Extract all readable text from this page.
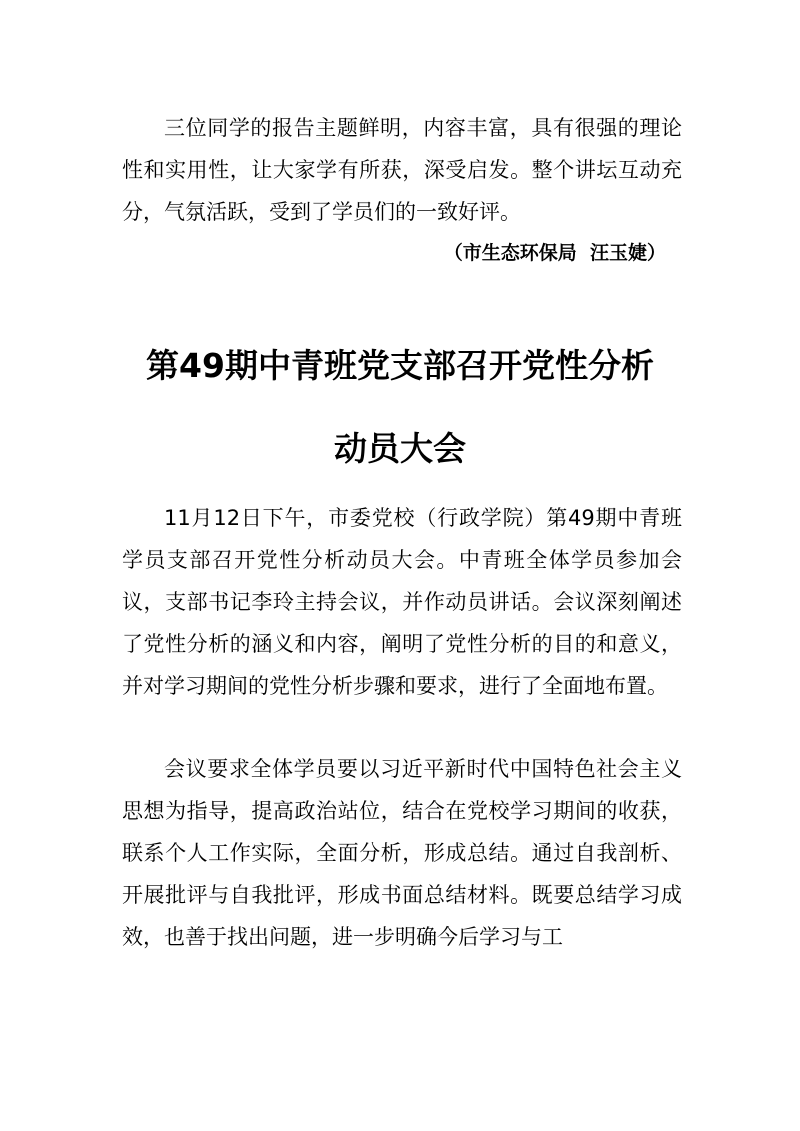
三位同学的报告主题鲜明，内容丰富，具有很强的理论性和实用性，让大家学有所获，深受启发。整个讲坛互动充分，气氛活跃，受到了学员们的一致好评。

（市生态环保局  汪玉婕）
第49期中青班党支部召开党性分析
动员大会

11月12日下午，市委党校（行政学院）第49期中青班学员支部召开党性分析动员大会。中青班全体学员参加会议，支部书记李玲主持会议，并作动员讲话。会议深刻阐述了党性分析的涵义和内容，阐明了党性分析的目的和意义，并对学习期间的党性分析步骤和要求，进行了全面地布置。

会议要求全体学员要以习近平新时代中国特色社会主义思想为指导，提高政治站位，结合在党校学习期间的收获，联系个人工作实际，全面分析，形成总结。通过自我剖析、开展批评与自我批评，形成书面总结材料。既要总结学习成效，也善于找出问题，进一步明确今后学习与工
